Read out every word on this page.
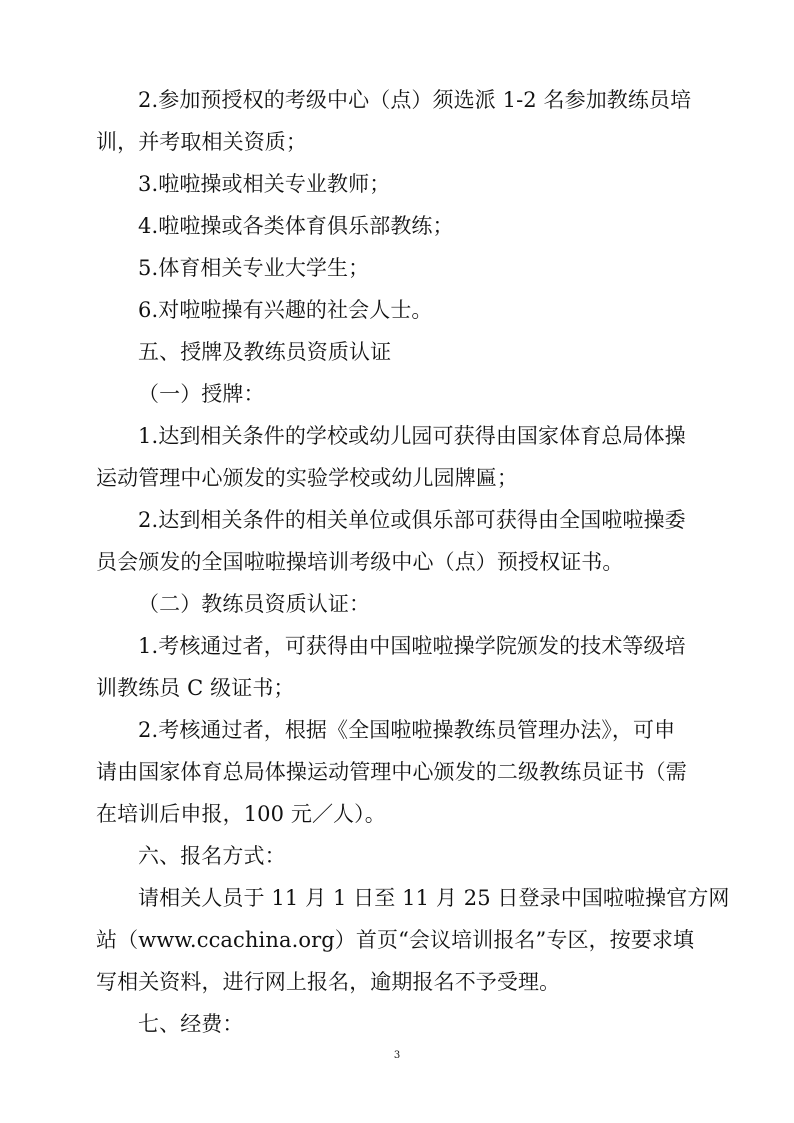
2.参加预授权的考级中心（点）须选派 1-2 名参加教练员培
训，并考取相关资质；
3.啦啦操或相关专业教师；
4.啦啦操或各类体育俱乐部教练；
5.体育相关专业大学生；
6.对啦啦操有兴趣的社会人士。
五、授牌及教练员资质认证
（一）授牌：
1.达到相关条件的学校或幼儿园可获得由国家体育总局体操
运动管理中心颁发的实验学校或幼儿园牌匾；
2.达到相关条件的相关单位或俱乐部可获得由全国啦啦操委
员会颁发的全国啦啦操培训考级中心（点）预授权证书。
（二）教练员资质认证：
1.考核通过者，可获得由中国啦啦操学院颁发的技术等级培
训教练员 C 级证书；
2.考核通过者，根据《全国啦啦操教练员管理办法》，可申
请由国家体育总局体操运动管理中心颁发的二级教练员证书（需
在培训后申报，100 元／人）。
六、报名方式：
请相关人员于 11 月 1 日至 11 月 25 日登录中国啦啦操官方网
站（www.ccachina.org）首页“会议培训报名”专区，按要求填
写相关资料，进行网上报名，逾期报名不予受理。
七、经费：
3
